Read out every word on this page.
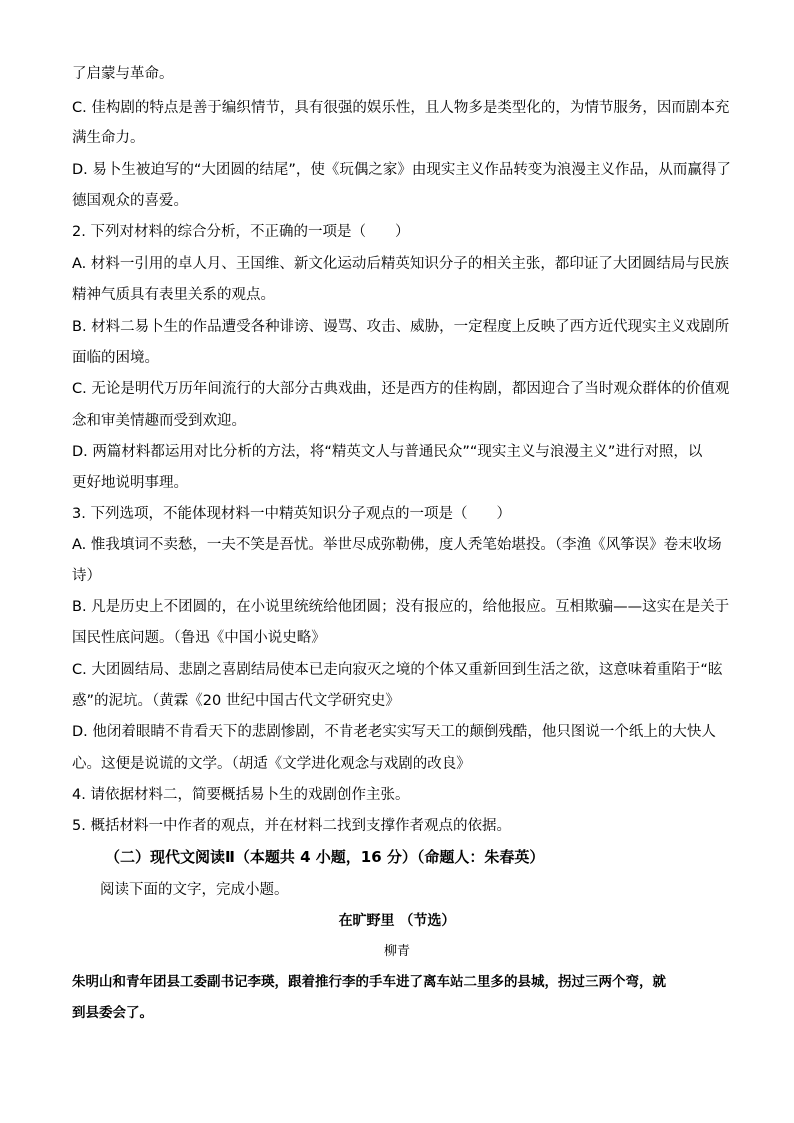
了启蒙与革命。
C. 佳构剧的特点是善于编织情节，具有很强的娱乐性，且人物多是类型化的，为情节服务，因而剧本充
满生命力。
D. 易卜生被迫写的“大团圆的结尾”，使《玩偶之家》由现实主义作品转变为浪漫主义作品，从而赢得了
德国观众的喜爱。
2. 下列对材料的综合分析，不正确的一项是（　　）
A. 材料一引用的卓人月、王国维、新文化运动后精英知识分子的相关主张，都印证了大团圆结局与民族
精神气质具有表里关系的观点。
B. 材料二易卜生的作品遭受各种诽谤、谩骂、攻击、威胁，一定程度上反映了西方近代现实主义戏剧所
面临的困境。
C. 无论是明代万历年间流行的大部分古典戏曲，还是西方的佳构剧，都因迎合了当时观众群体的价值观
念和审美情趣而受到欢迎。
D. 两篇材料都运用对比分析的方法，将“精英文人与普通民众”“现实主义与浪漫主义”进行对照，以
更好地说明事理。
3. 下列选项，不能体现材料一中精英知识分子观点的一项是（　　）
A. 惟我填词不卖愁，一夫不笑是吾忧。举世尽成弥勒佛，度人秃笔始堪投。（李渔《风筝误》卷末收场
诗）
B. 凡是历史上不团圆的，在小说里统统给他团圆；没有报应的，给他报应。互相欺骗——这实在是关于
国民性底问题。（鲁迅《中国小说史略》
C. 大团圆结局、悲剧之喜剧结局使本已走向寂灭之境的个体又重新回到生活之欲，这意味着重陷于“眩
惑”的泥坑。（黄霖《20 世纪中国古代文学研究史》
D. 他闭着眼睛不肯看天下的悲剧惨剧，不肯老老实实写天工的颠倒残酷，他只图说一个纸上的大快人
心。这便是说谎的文学。（胡适《文学进化观念与戏剧的改良》
4. 请依据材料二，简要概括易卜生的戏剧创作主张。
5. 概括材料一中作者的观点，并在材料二找到支撑作者观点的依据。
（二）现代文阅读Ⅱ（本题共 4 小题，16 分）（命题人：朱春英）
阅读下面的文字，完成小题。
在旷野里 （节选）
柳青
朱明山和青年团县工委副书记李瑛，跟着推行李的手车进了离车站二里多的县城，拐过三两个弯，就
到县委会了。
